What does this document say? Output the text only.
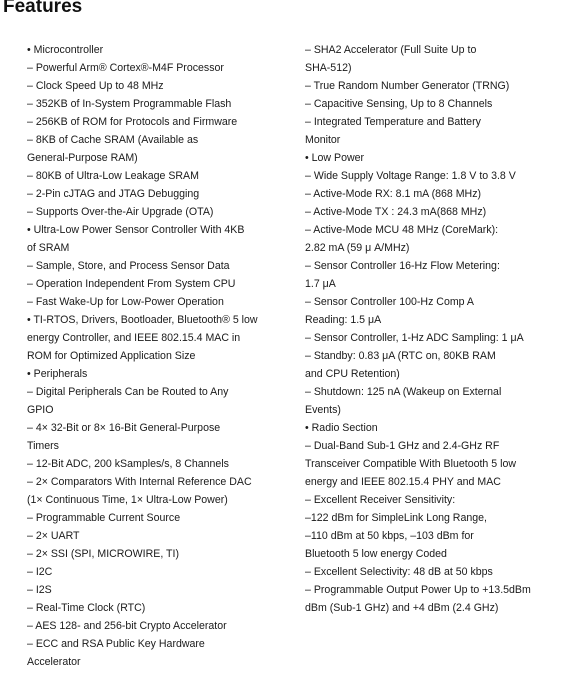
Features
• Microcontroller
– Powerful Arm® Cortex®-M4F Processor
– Clock Speed Up to 48 MHz
– 352KB of In-System Programmable Flash
– 256KB of ROM for Protocols and Firmware
– 8KB of Cache SRAM (Available as
General-Purpose RAM)
– 80KB of Ultra-Low Leakage SRAM
– 2-Pin cJTAG and JTAG Debugging
– Supports Over-the-Air Upgrade (OTA)
• Ultra-Low Power Sensor Controller With 4KB
of SRAM
– Sample, Store, and Process Sensor Data
– Operation Independent From System CPU
– Fast Wake-Up for Low-Power Operation
• TI-RTOS, Drivers, Bootloader, Bluetooth® 5 low
energy Controller, and IEEE 802.15.4 MAC in
ROM for Optimized Application Size
• Peripherals
– Digital Peripherals Can be Routed to Any
GPIO
– 4× 32-Bit or 8× 16-Bit General-Purpose
Timers
– 12-Bit ADC, 200 kSamples/s, 8 Channels
– 2× Comparators With Internal Reference DAC
(1× Continuous Time, 1× Ultra-Low Power)
– Programmable Current Source
– 2× UART
– 2× SSI (SPI, MICROWIRE, TI)
– I2C
– I2S
– Real-Time Clock (RTC)
– AES 128- and 256-bit Crypto Accelerator
– ECC and RSA Public Key Hardware
Accelerator
– SHA2 Accelerator (Full Suite Up to
SHA-512)
– True Random Number Generator (TRNG)
– Capacitive Sensing, Up to 8 Channels
– Integrated Temperature and Battery
Monitor
• Low Power
– Wide Supply Voltage Range: 1.8 V to 3.8 V
– Active-Mode RX: 8.1 mA (868 MHz)
– Active-Mode TX : 24.3 mA(868 MHz)
– Active-Mode MCU 48 MHz (CoreMark):
2.82 mA (59 μ A/MHz)
– Sensor Controller 16-Hz Flow Metering:
1.7 μA
– Sensor Controller 100-Hz Comp A
Reading: 1.5 μA
– Sensor Controller, 1-Hz ADC Sampling: 1 μA
– Standby: 0.83 μA (RTC on, 80KB RAM
and CPU Retention)
– Shutdown: 125 nA (Wakeup on External
Events)
• Radio Section
– Dual-Band Sub-1 GHz and 2.4-GHz RF
Transceiver Compatible With Bluetooth 5 low
energy and IEEE 802.15.4 PHY and MAC
– Excellent Receiver Sensitivity:
–122 dBm for SimpleLink Long Range,
–110 dBm at 50 kbps, –103 dBm for
Bluetooth 5 low energy Coded
– Excellent Selectivity: 48 dB at 50 kbps
– Programmable Output Power Up to +13.5dBm
dBm (Sub-1 GHz) and +4 dBm (2.4 GHz)
